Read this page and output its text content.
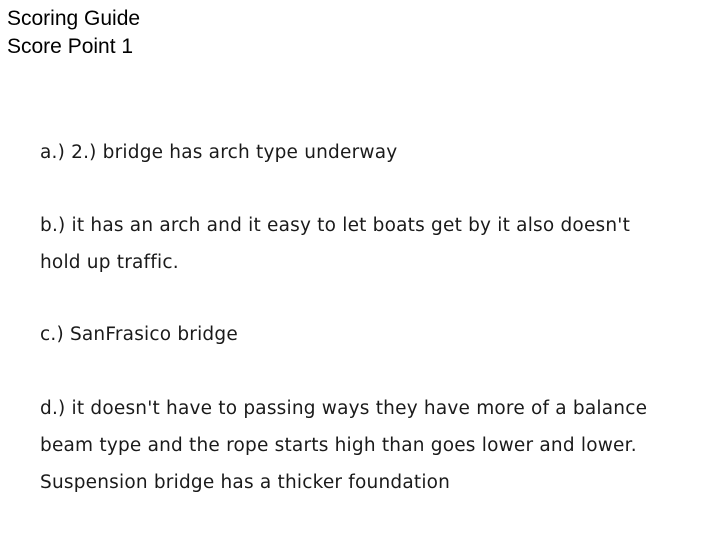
Scoring Guide
Score Point 1
a.) 2.) bridge has arch type underway
b.) it has an arch and it easy to let boats get by it also doesn't
hold up traffic.
c.) SanFrasico bridge
d.) it doesn't have to passing ways they have more of a balance
beam type and the rope starts high than goes lower and lower.
Suspension bridge has a thicker foundation
